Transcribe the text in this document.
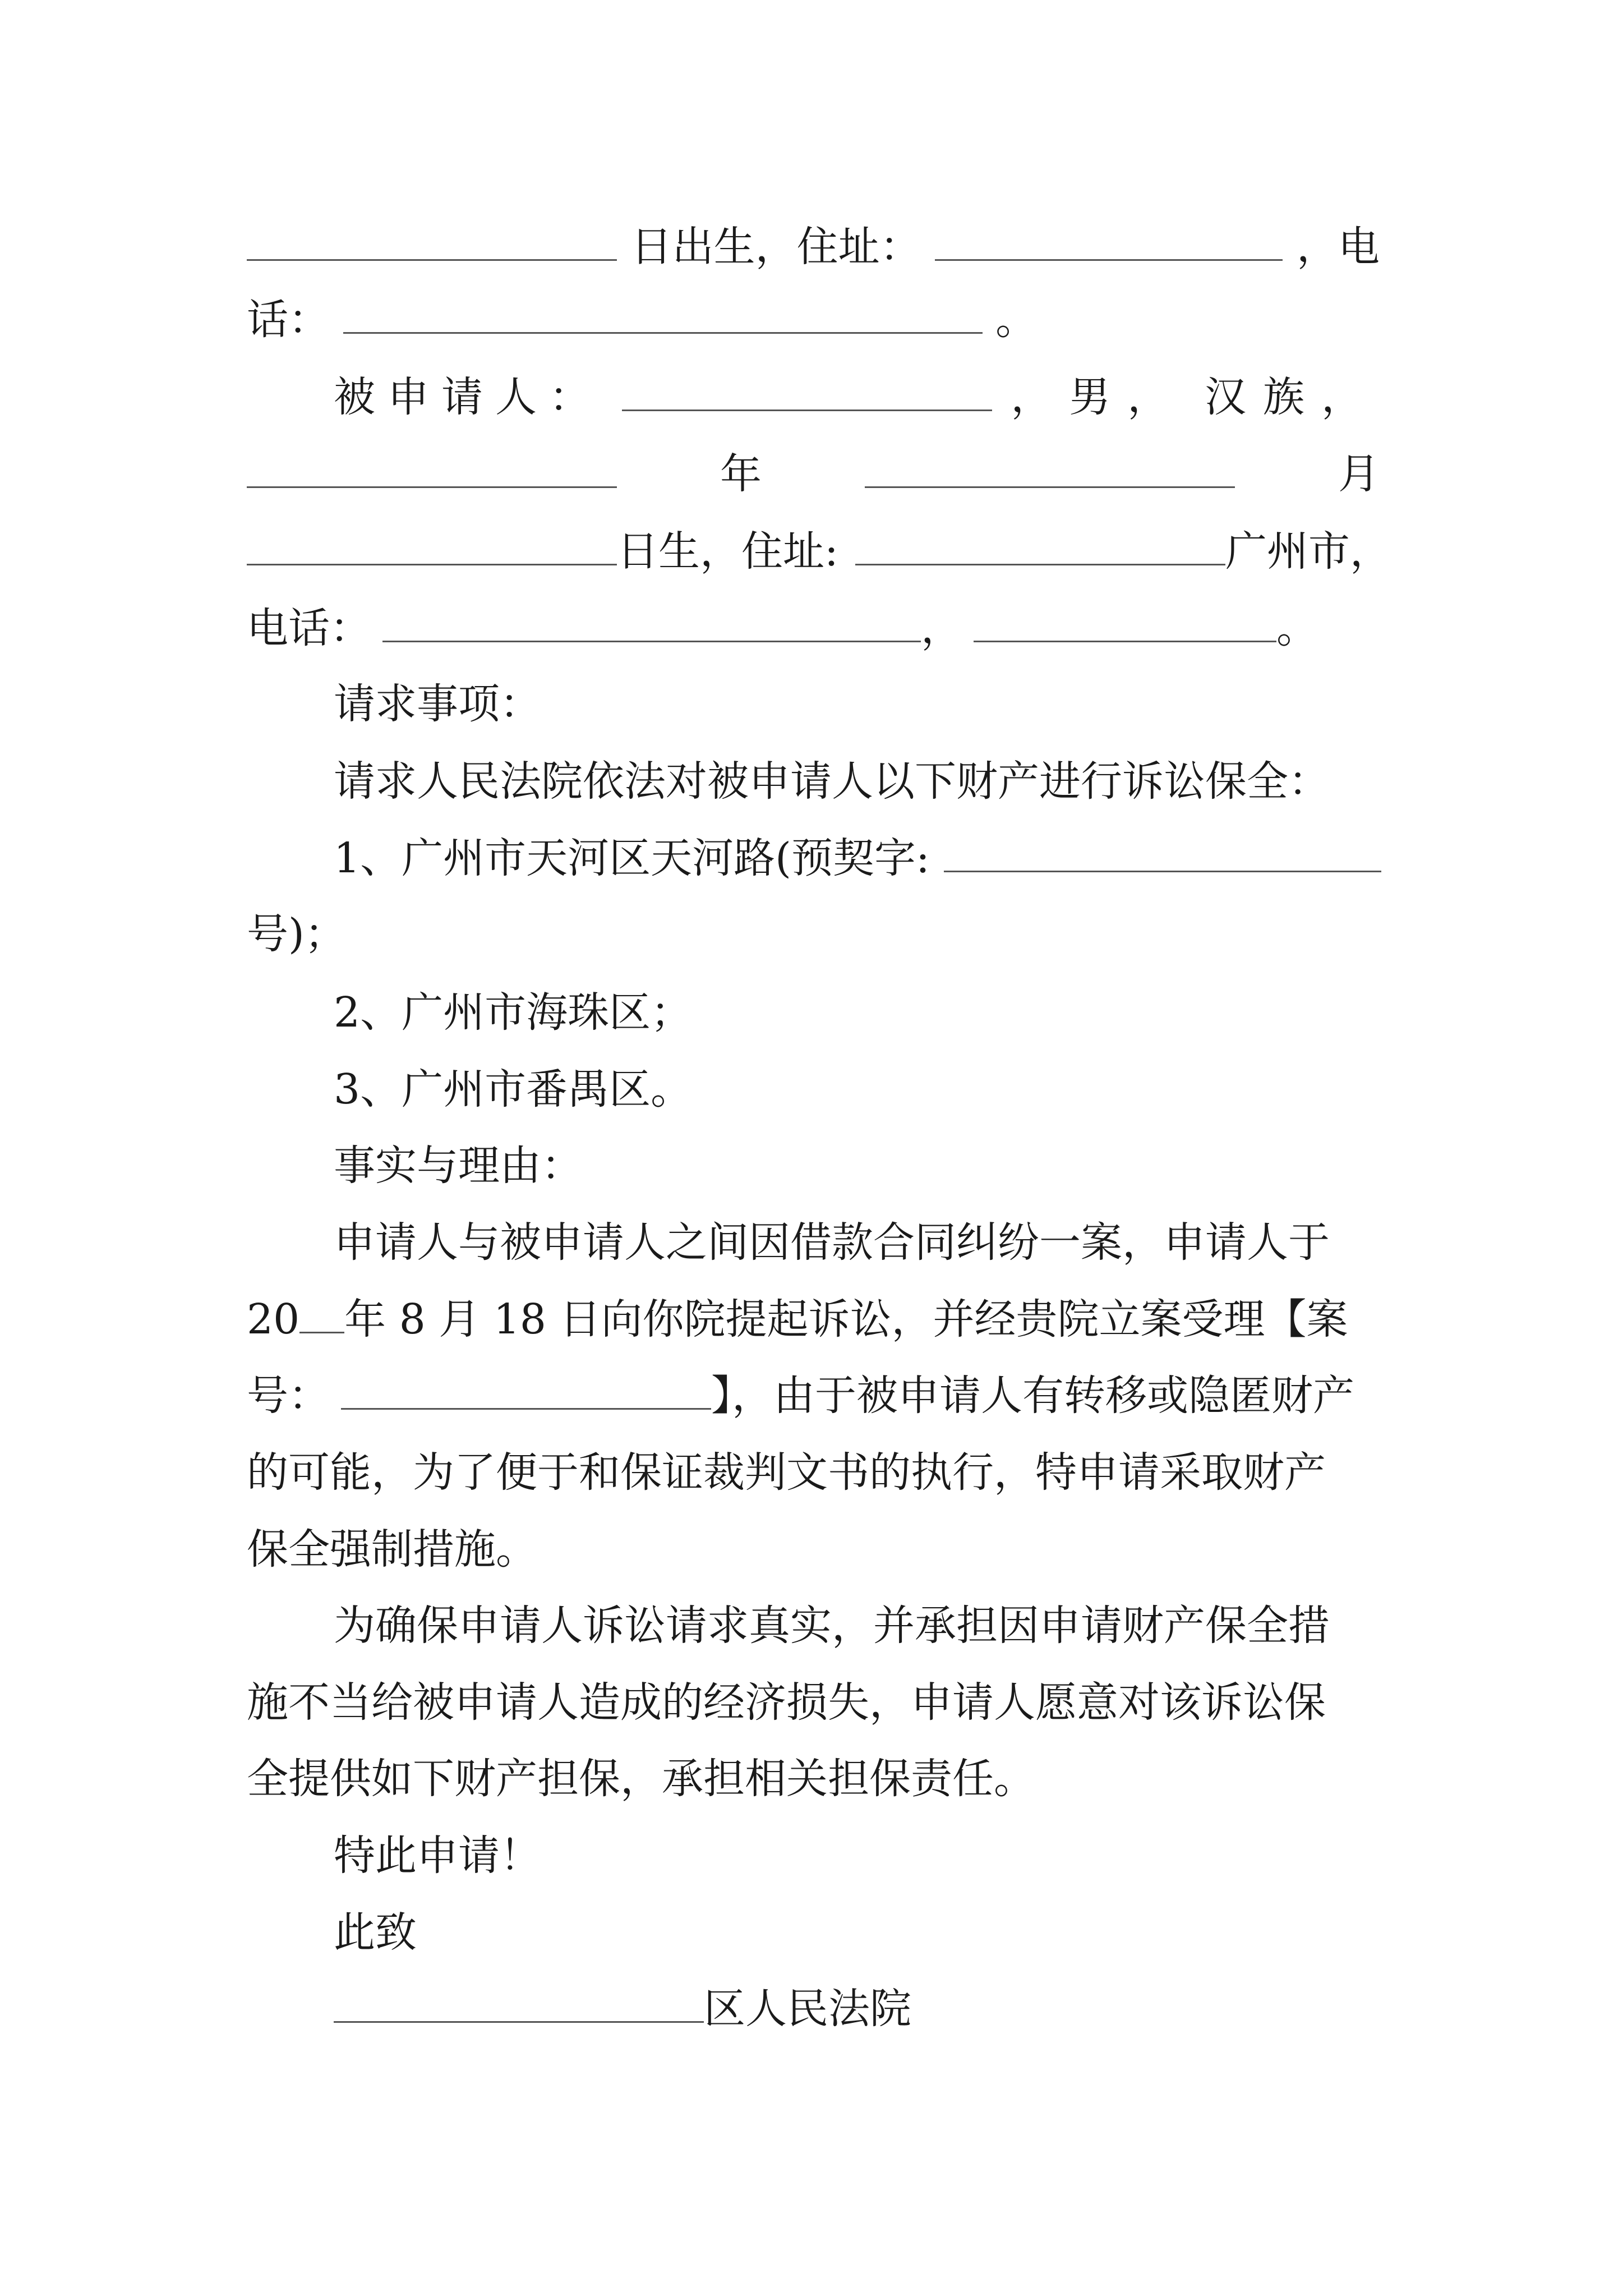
日出生，住址：	，电
话：	。
被申请人：	，男， 汉族，
年	月
日生，住址:	广州市，
电话：	，	。
请求事项：
请求人民法院依法对被申请人以下财产进行诉讼保全：
1、广州市天河区天河路(预契字:
号)；
2、广州市海珠区；
3、广州市番禺区。
事实与理由：
申请人与被申请人之间因借款合同纠纷一案，申请人于
20 年 8 月 18 日向你院提起诉讼，并经贵院立案受理【案
号：	】，由于被申请人有转移或隐匿财产
的可能，为了便于和保证裁判文书的执行，特申请采取财产
保全强制措施。
为确保申请人诉讼请求真实，并承担因申请财产保全措
施不当给被申请人造成的经济损失，申请人愿意对该诉讼保
全提供如下财产担保，承担相关担保责任。
特此申请！
此致
区人民法院
